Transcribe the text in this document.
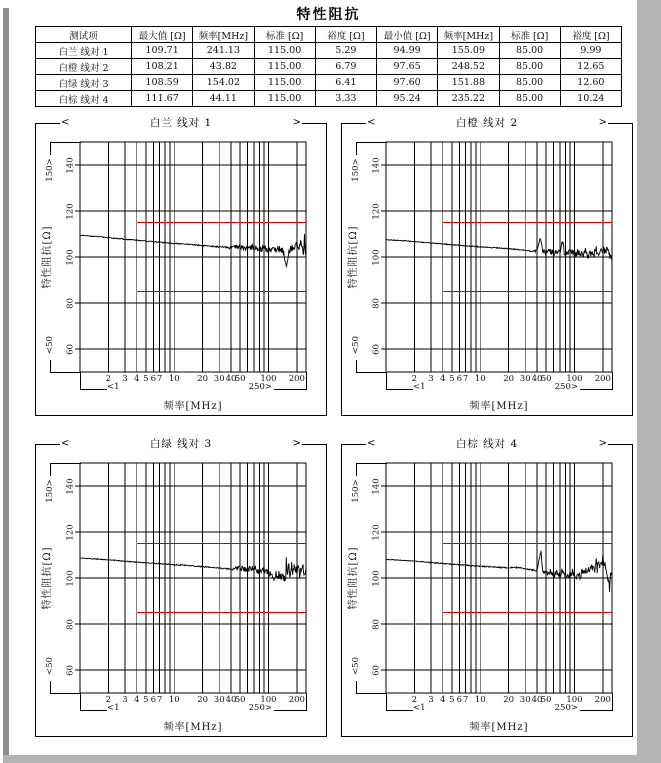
特性阻抗
测试项	最大值 [Ω]	频率[MHz]	标准 [Ω]	裕度 [Ω]	最小值 [Ω]	频率[MHz]	标准 [Ω]	裕度 [Ω]
白兰 线对 1	109.71	241.13	115.00	5.29	94.99	155.09	85.00	9.99
白橙 线对 2	108.21	43.82	115.00	6.79	97.65	248.52	85.00	12.65
白绿 线对 3	108.59	154.02	115.00	6.41	97.60	151.88	85.00	12.60
白棕 线对 4	111.67	44.11	115.00	3.33	95.24	235.22	85.00	10.24
<	白兰 线对 1	>
60
80
100
120
140
特性阻抗[Ω]
150>
<50
2	3 4 5 6 7 10	20 30 40
50	100 200
<1	250>
频率[MHz]
<	白橙 线对 2	>
60
80
100
120
140
特性阻抗[Ω]
150>
<50
2	3 4 5 6 7 10	20 30 40
50	100 200
<1	250>
频率[MHz]
<	白绿 线对 3	>
60
80
100
120
140
特性阻抗[Ω]
150>
<50
2	3 4 5 6 7 10	20 30 40
50	100 200
<1	250>
频率[MHz]
<	白棕 线对 4	>
60
80
100
120
140
特性阻抗[Ω]
150>
<50
2	3 4 5 6 7 10	20 30 40
50	100 200
<1	250>
频率[MHz]
